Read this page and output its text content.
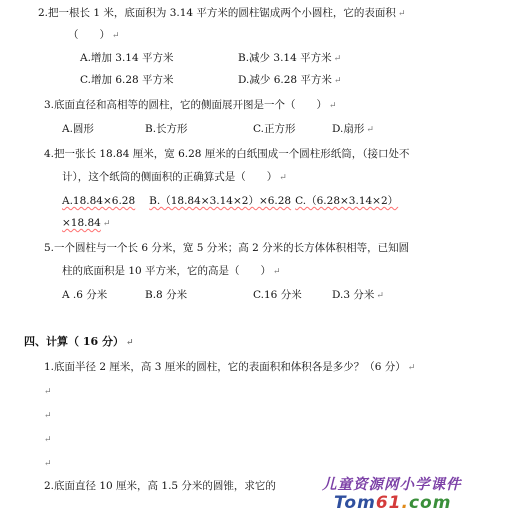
2.把一根长 1 米，底面积为 3.14 平方米的圆柱锯成两个小圆柱，它的表面积 ↵
（　　） ↵
A.增加 3.14 平方米	B.减少 3.14 平方米 ↵
C.增加 6.28 平方米	D.减少 6.28 平方米 ↵
3.底面直径和高相等的圆柱，它的侧面展开图是一个（　　） ↵
A.圆形	B.长方形	C.正方形	D.扇形 ↵
4.把一张长 18.84 厘米，宽 6.28 厘米的白纸围成一个圆柱形纸筒，（接口处不
计），这个纸筒的侧面积的正确算式是（　　） ↵
A.18.84×6.28 B.（18.84×3.14×2）×6.28 C.（6.28×3.14×2）
×18.84 ↵
5.一个圆柱与一个长 6 分米，宽 5 分米；高 2 分米的长方体体积相等，已知圆
柱的底面积是 10 平方米，它的高是（　　） ↵
A .6 分米	B.8 分米	C.16 分米	D.3 分米 ↵
四、计算（ 16 分） ↵
1.底面半径 2 厘米，高 3 厘米的圆柱，它的表面积和体积各是多少？（6 分） ↵
↵
↵
↵
↵
2.底面直径 10 厘米，高 1.5 分米的圆锥，求它的	儿童资源网小学课件
Tom61.com
